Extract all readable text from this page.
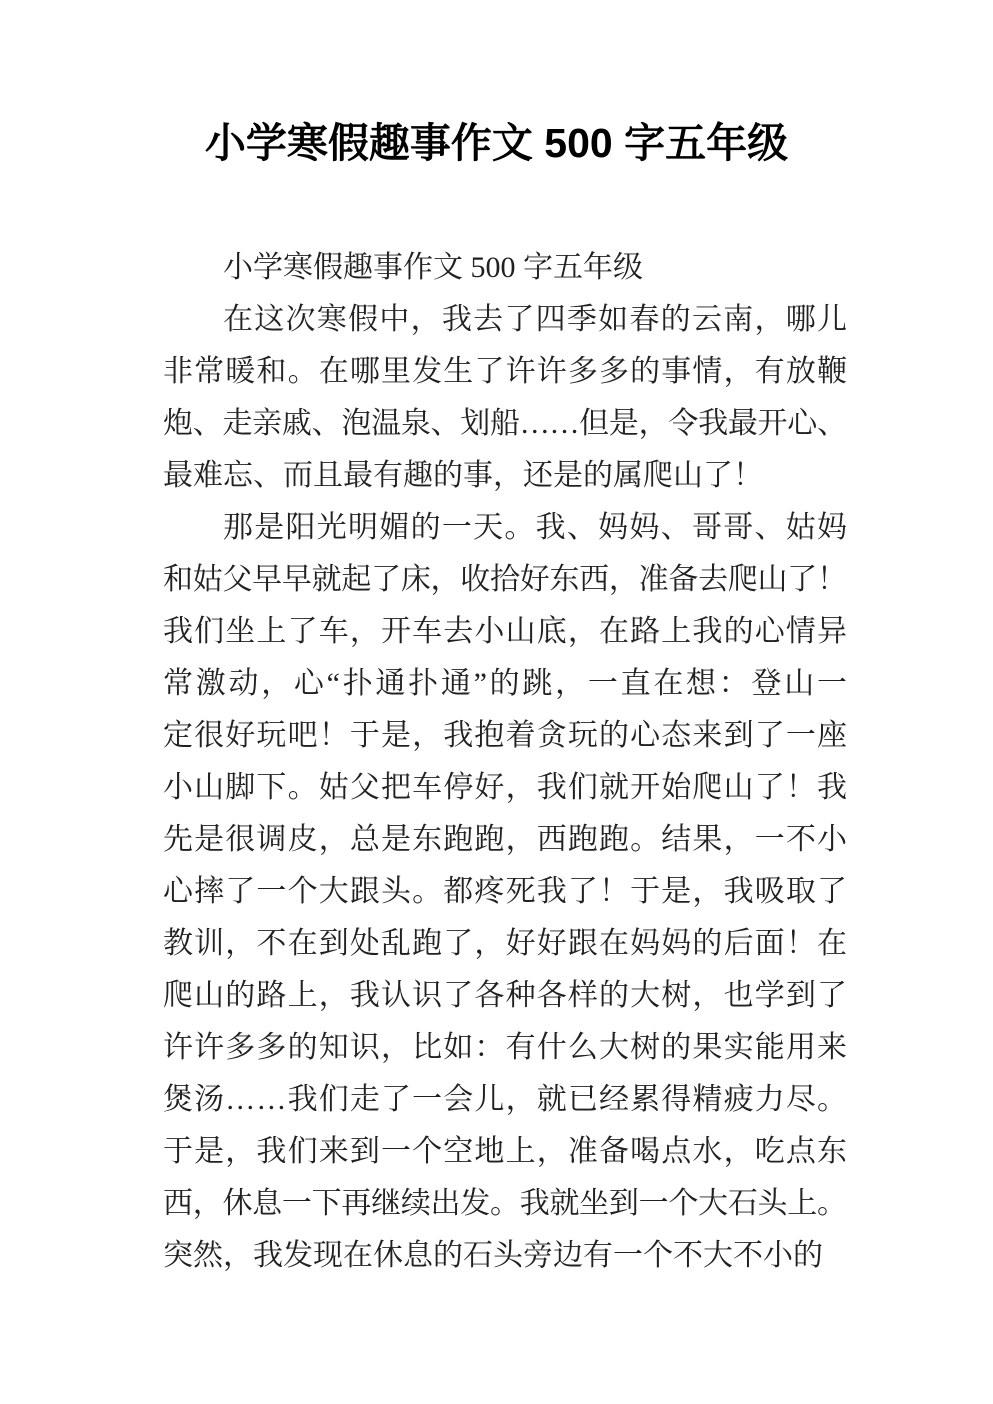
小学寒假趣事作文 500 字五年级
小学寒假趣事作文 500 字五年级
在这次寒假中，我去了四季如春的云南，哪儿
非常暖和。在哪里发生了许许多多的事情，有放鞭
炮、走亲戚、泡温泉、划船……但是，令我最开心、
最难忘、而且最有趣的事，还是的属爬山了！
那是阳光明媚的一天。我、妈妈、哥哥、姑妈
和姑父早早就起了床，收拾好东西，准备去爬山了！
我们坐上了车，开车去小山底，在路上我的心情异
常激动，心“扑通扑通”的跳，一直在想：登山一
定很好玩吧！于是，我抱着贪玩的心态来到了一座
小山脚下。姑父把车停好，我们就开始爬山了！我
先是很调皮，总是东跑跑，西跑跑。结果，一不小
心摔了一个大跟头。都疼死我了！于是，我吸取了
教训，不在到处乱跑了，好好跟在妈妈的后面！在
爬山的路上，我认识了各种各样的大树，也学到了
许许多多的知识，比如：有什么大树的果实能用来
煲汤……我们走了一会儿，就已经累得精疲力尽。
于是，我们来到一个空地上，准备喝点水，吃点东
西，休息一下再继续出发。我就坐到一个大石头上。
突然，我发现在休息的石头旁边有一个不大不小的
